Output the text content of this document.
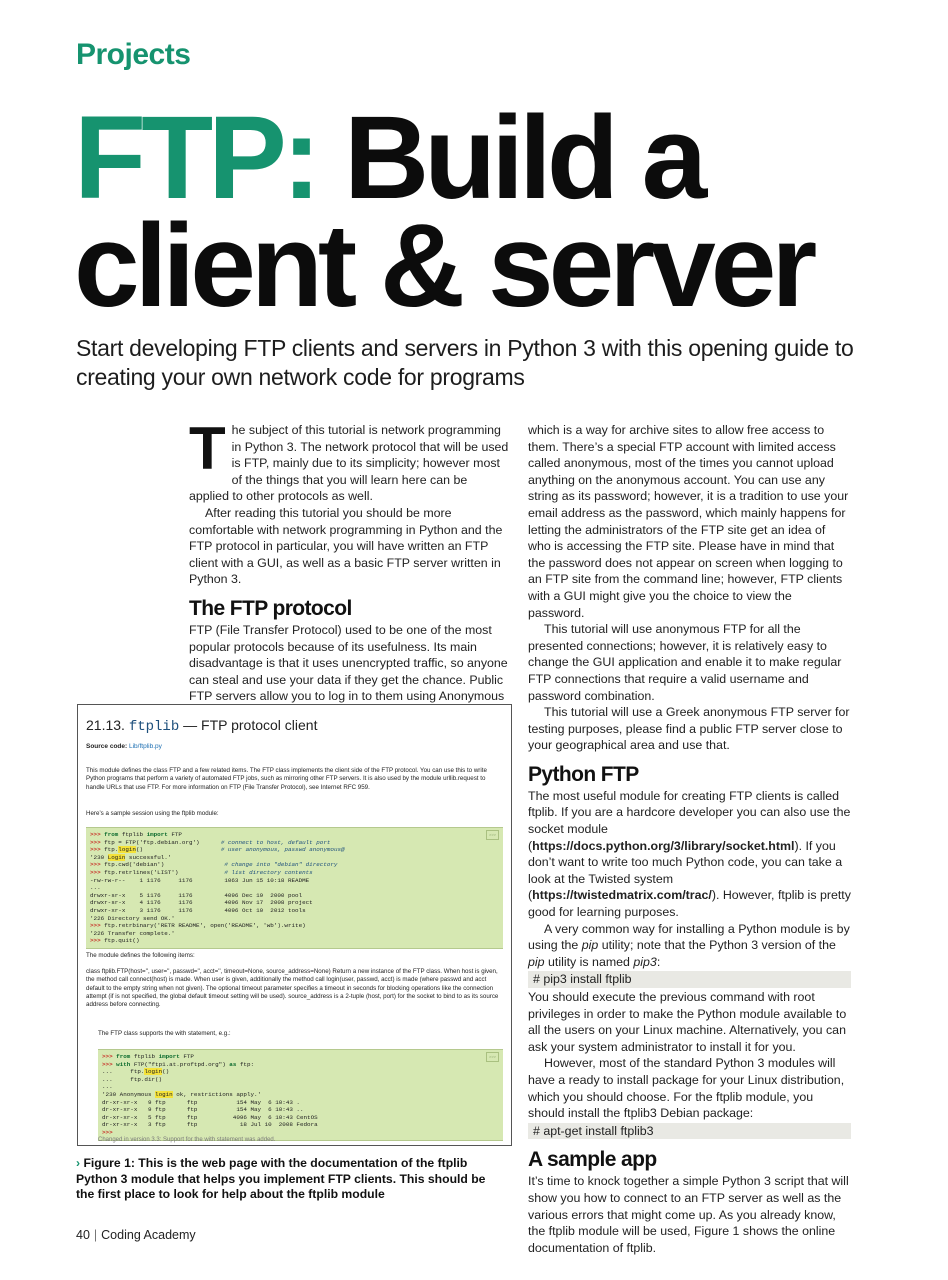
Projects
FTP: Build a
client & server
Start developing FTP clients and servers in Python 3 with this opening guide to creating your own network code for programs

The subject of this tutorial is network programming in Python 3. The network protocol that will be used is FTP, mainly due to its simplicity; however most of the things that you will learn here can be applied to other protocols as well.

After reading this tutorial you should be more comfortable with network programming in Python and the FTP protocol in particular, you will have written an FTP client with a GUI, as well as a basic FTP server written in Python 3.

The FTP protocol

FTP (File Transfer Protocol) used to be one of the most popular protocols because of its usefulness. Its main disadvantage is that it uses unencrypted traffic, so anyone can steal and use your data if they get the chance. Public FTP servers allow you to log in to them using Anonymous

which is a way for archive sites to allow free access to them. There’s a special FTP account with limited access called anonymous, most of the times you cannot upload anything on the anonymous account. You can use any string as its password; however, it is a tradition to use your email address as the password, which mainly happens for letting the administrators of the FTP site get an idea of who is accessing the FTP site. Please have in mind that the password does not appear on screen when logging to an FTP site from the command line; however, FTP clients with a GUI might give you the choice to view the password.

This tutorial will use anonymous FTP for all the presented connections; however, it is relatively easy to change the GUI application and enable it to make regular FTP connections that require a valid username and password combination.

This tutorial will use a Greek anonymous FTP server for testing purposes, please find a public FTP server close to your geographical area and use that.

Python FTP

The most useful module for creating FTP clients is called ftplib. If you are a hardcore developer you can also use the socket module (https://docs.python.org/3/library/socket.html). If you don’t want to write too much Python code, you can take a look at the Twisted system (https://twistedmatrix.com/trac/). However, ftplib is pretty good for learning purposes.

A very common way for installing a Python module is by using the pip utility; note that the Python 3 version of the pip utility is named pip3:

# pip3 install ftplib

You should execute the previous command with root privileges in order to make the Python module available to all the users on your Linux machine. Alternatively, you can ask your system administrator to install it for you.

However, most of the standard Python 3 modules will have a ready to install package for your Linux distribution, which you should choose. For the ftplib module, you should install the ftplib3 Debian package:

# apt-get install ftplib3
A sample app

It’s time to knock together a simple Python 3 script that will show you how to connect to an FTP server as well as the various errors that might come up. As you already know, the ftplib module will be used, Figure 1 shows the online documentation of ftplib.

21.13. ftplib — FTP protocol client
Source code: Lib/ftplib.py
This module defines the class FTP and a few related items. The FTP class implements the client side of the FTP protocol. You can use this to write Python programs that perform a variety of automated FTP jobs, such as mirroring other FTP servers. It is also used by the module urllib.request to handle URLs that use FTP. For more information on FTP (File Transfer Protocol), see Internet RFC 959.
Here’s a sample session using the ftplib module:
>>>
>>> from ftplib import FTP
>>> ftp = FTP('ftp.debian.org')      # connect to host, default port
>>> ftp.login()                      # user anonymous, passwd anonymous@
'230 Login successful.'
>>> ftp.cwd('debian')                 # change into "debian" directory
>>> ftp.retrlines('LIST')             # list directory contents
-rw-rw-r--    1 1176     1176         1063 Jun 15 10:18 README
...
drwxr-sr-x    5 1176     1176         4096 Dec 19  2000 pool
drwxr-sr-x    4 1176     1176         4096 Nov 17  2008 project
drwxr-xr-x    3 1176     1176         4096 Oct 10  2012 tools
'226 Directory send OK.'
>>> ftp.retrbinary('RETR README', open('README', 'wb').write)
'226 Transfer complete.'
>>> ftp.quit()
The module defines the following items:
class ftplib.FTP(host='', user='', passwd='', acct='', timeout=None, source_address=None) Return a new instance of the FTP class. When host is given, the method call connect(host) is made. When user is given, additionally the method call login(user, passwd, acct) is made (where passwd and acct default to the empty string when not given). The optional timeout parameter specifies a timeout in seconds for blocking operations like the connection attempt (if is not specified, the global default timeout setting will be used). source_address is a 2-tuple (host, port) for the socket to bind to as its source address before connecting.
The FTP class supports the with statement, e.g.:
>>>
>>> from ftplib import FTP
>>> with FTP("ftp1.at.proftpd.org") as ftp:
...     ftp.login()
...     ftp.dir()
...
'230 Anonymous login ok, restrictions apply.'
dr-xr-xr-x   9 ftp      ftp           154 May  6 10:43 .
dr-xr-xr-x   9 ftp      ftp           154 May  6 10:43 ..
dr-xr-xr-x   5 ftp      ftp          4096 May  6 10:43 CentOS
dr-xr-xr-x   3 ftp      ftp            18 Jul 10  2008 Fedora
>>>
Changed in version 3.3: Support for the with statement was added.
› Figure 1: This is the web page with the documentation of the ftplib Python 3 module that helps you implement FTP clients. This should be the first place to look for help about the ftplib module
40 | Coding Academy
